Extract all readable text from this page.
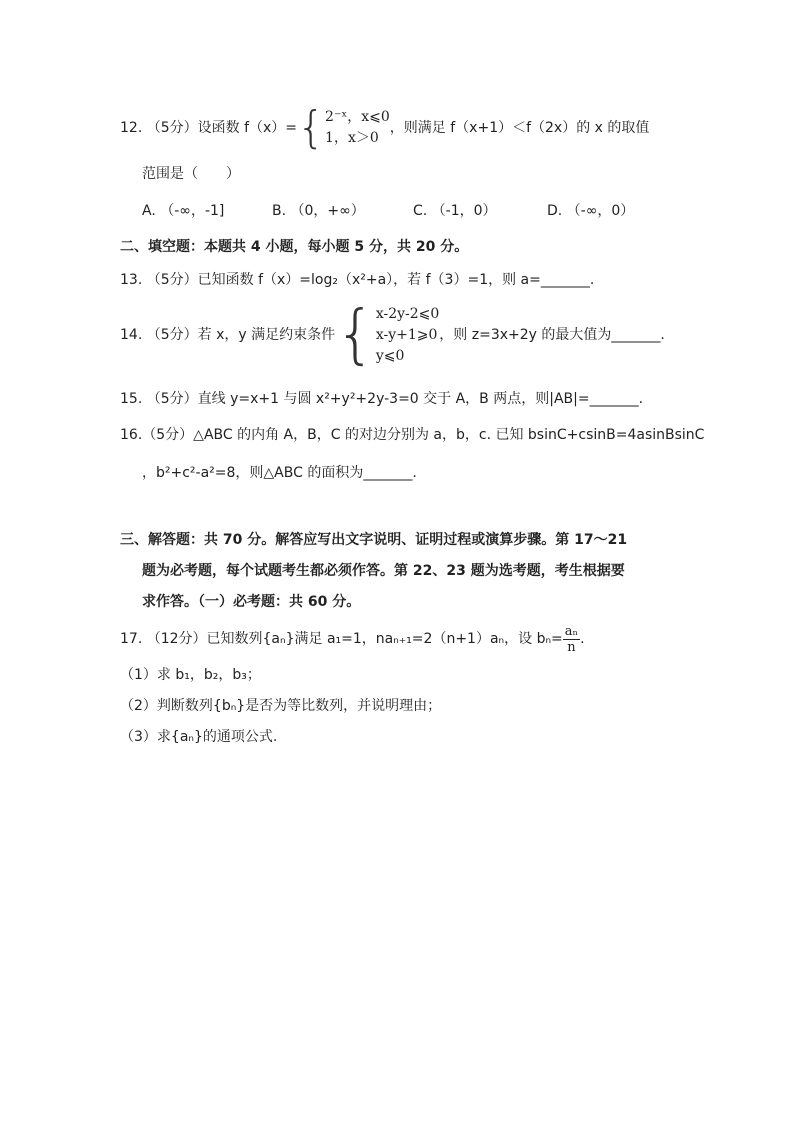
12. （5分）设函数 f（x）={ 2⁻ˣ，x⩽0
1，x＞0
，则满足 f（x+1）＜f（2x）的 x 的取值
范围是（　　）
A. （-∞，-1]	B. （0，+∞）	C. （-1，0）	D. （-∞，0）
二、填空题：本题共 4 小题，每小题 5 分，共 20 分。
13. （5分）已知函数 f（x）=log₂（x²+a），若 f（3）=1，则 a=_______.
14. （5分）若 x，y 满足约束条件{ x-2y-2⩽0
x-y+1⩾0
y⩽0
，则 z=3x+2y 的最大值为_______.
15. （5分）直线 y=x+1 与圆 x²+y²+2y-3=0 交于 A，B 两点，则|AB|=_______.
16.（5分）△ABC 的内角 A，B，C 的对边分别为 a，b，c. 已知 bsinC+csinB=4asinBsinC
，b²+c²-a²=8，则△ABC 的面积为_______.
三、解答题：共 70 分。解答应写出文字说明、证明过程或演算步骤。第 17～21
题为必考题，每个试题考生都必须作答。第 22、23 题为选考题，考生根据要
求作答。（一）必考题：共 60 分。
17. （12分）已知数列{aₙ}满足 a₁=1，naₙ₊₁=2（n+1）aₙ，设 $b_n= \frac{\text{aₙ}}{n}$ .
（1）求 b₁，b₂，b₃；
（2）判断数列{bₙ}是否为等比数列，并说明理由；
（3）求{aₙ}的通项公式.
